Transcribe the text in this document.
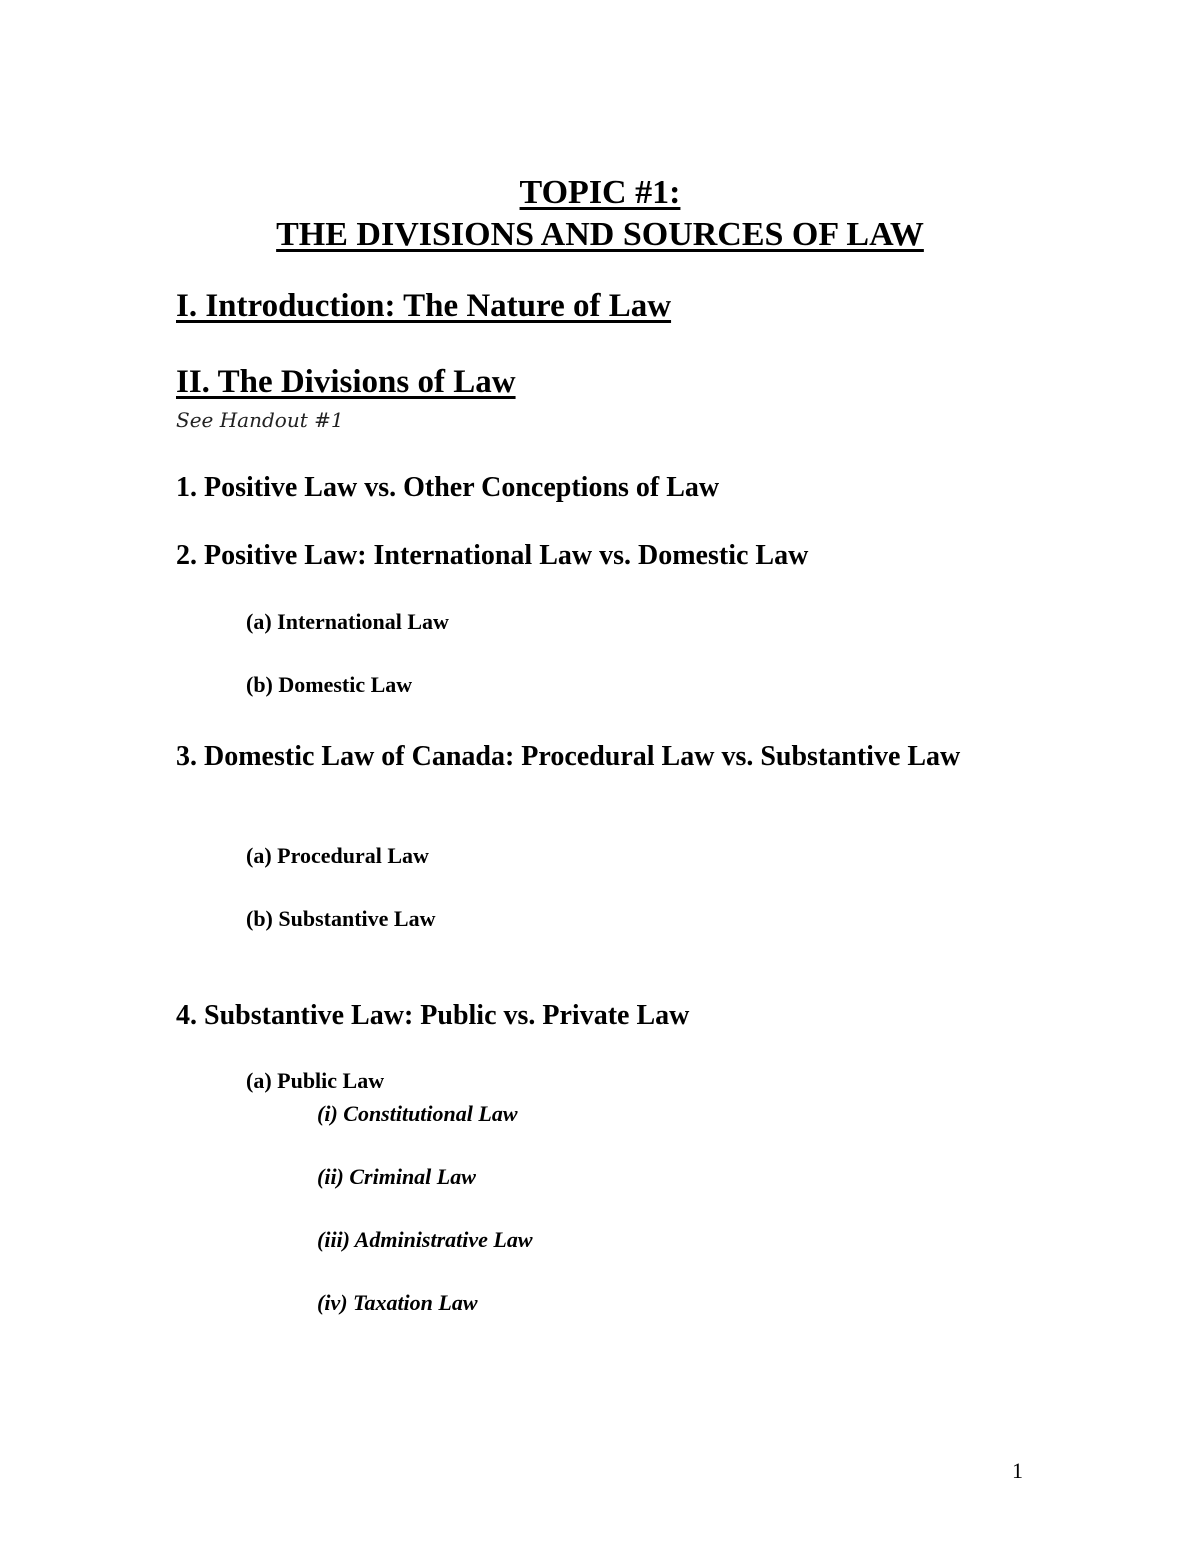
TOPIC #1:

THE DIVISIONS AND SOURCES OF LAW

I. Introduction: The Nature of Law

II. The Divisions of Law

See Handout #1

1. Positive Law vs. Other Conceptions of Law

2. Positive Law: International Law vs. Domestic Law

(a) International Law

(b) Domestic Law

3. Domestic Law of Canada: Procedural Law vs. Substantive Law

(a) Procedural Law

(b) Substantive Law

4. Substantive Law: Public vs. Private Law

(a) Public Law

(i) Constitutional Law

(ii) Criminal Law

(iii) Administrative Law

(iv) Taxation Law

1
